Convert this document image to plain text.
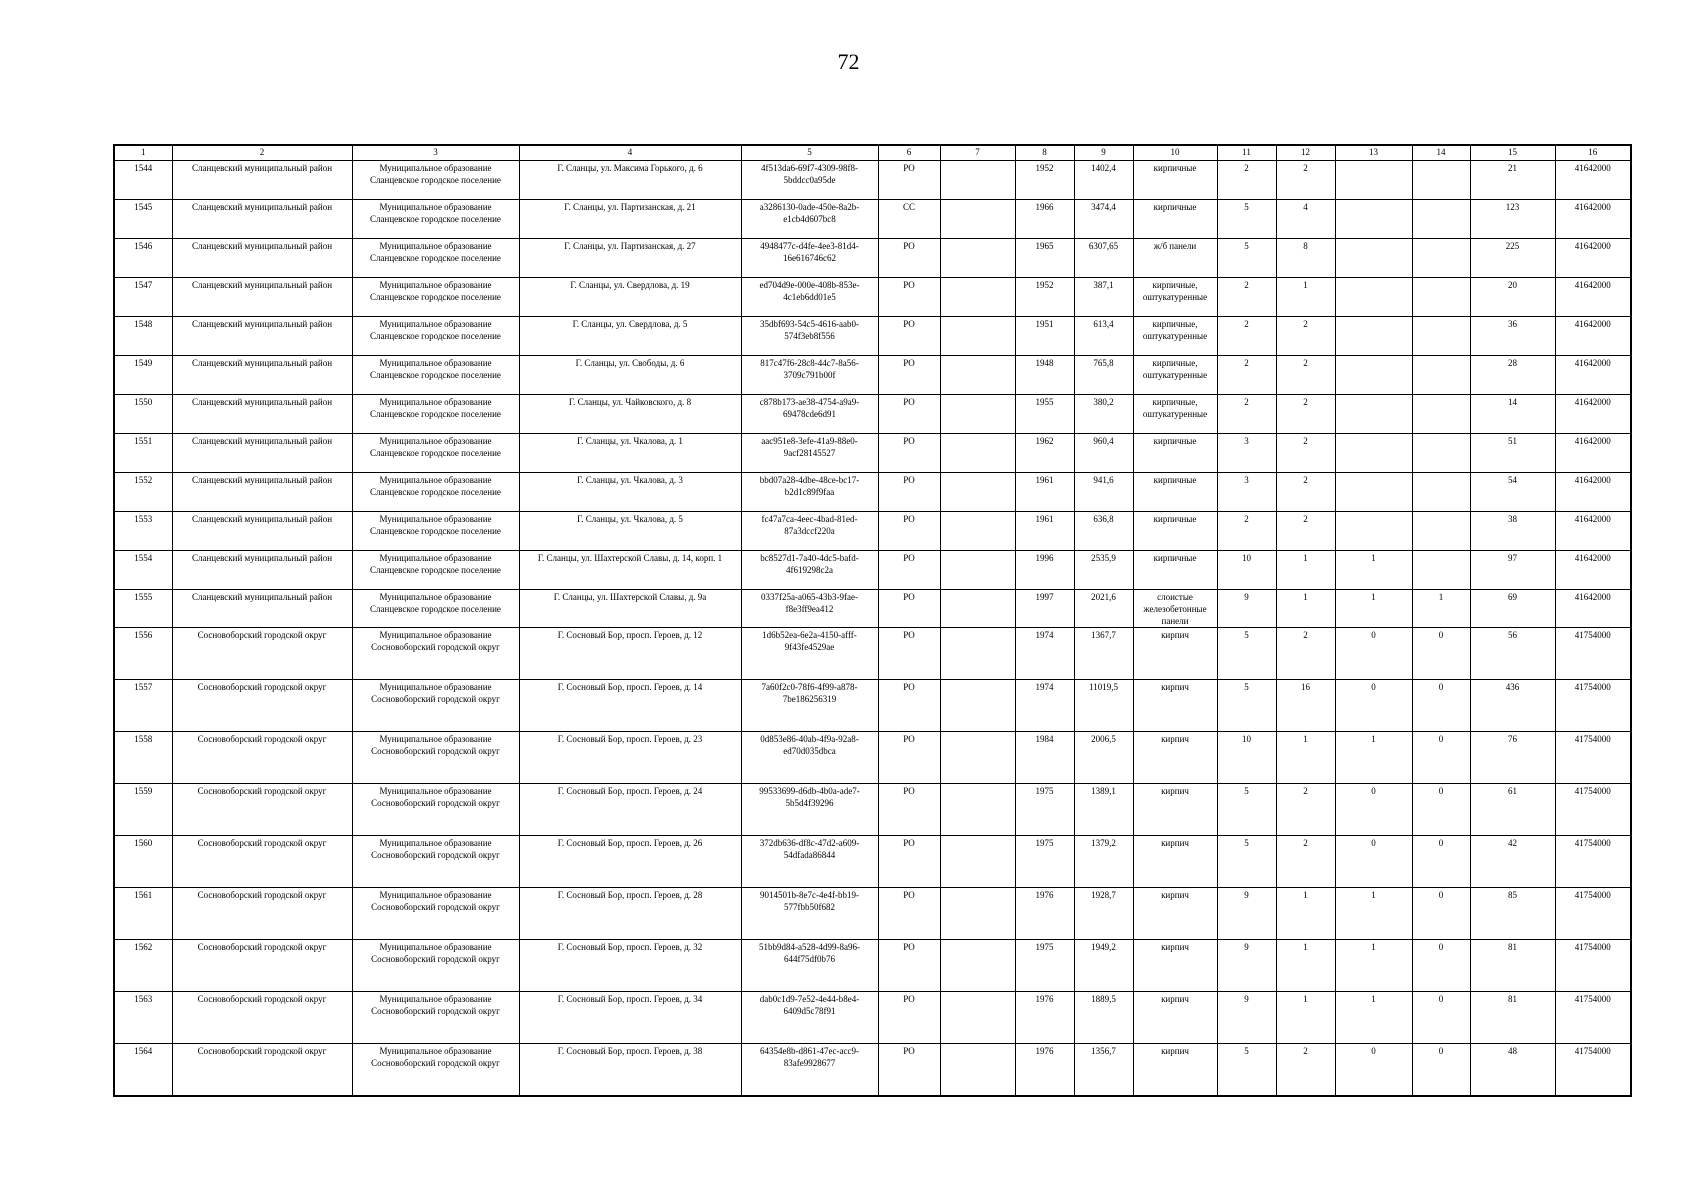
72
1	2	3	4	5	6	7	8	9	10	11	12	13	14	15	16
1544	Сланцевский муниципальный район	Муниципальное образование Сланцевское городское поселение	Г. Сланцы, ул. Максима Горького, д. 6	4f513da6-69f7-4309-98f8-5bddcc0a95de	РО		1952	1402,4	кирпичные	2	2			21	41642000
1545	Сланцевский муниципальный район	Муниципальное образование Сланцевское городское поселение	Г. Сланцы, ул. Партизанская, д. 21	a3286130-0ade-450e-8a2b-e1cb4d607bc8	СС		1966	3474,4	кирпичные	5	4			123	41642000
1546	Сланцевский муниципальный район	Муниципальное образование Сланцевское городское поселение	Г. Сланцы, ул. Партизанская, д. 27	4948477c-d4fe-4ee3-81d4-16e616746c62	РО		1965	6307,65	ж/б панели	5	8			225	41642000
1547	Сланцевский муниципальный район	Муниципальное образование Сланцевское городское поселение	Г. Сланцы, ул. Свердлова, д. 19	ed704d9e-000e-408b-853e-4c1eb6dd01e5	РО		1952	387,1	кирпичные, оштукатуренные	2	1			20	41642000
1548	Сланцевский муниципальный район	Муниципальное образование Сланцевское городское поселение	Г. Сланцы, ул. Свердлова, д. 5	35dbf693-54c5-4616-aab0-574f3eb8f556	РО		1951	613,4	кирпичные, оштукатуренные	2	2			36	41642000
1549	Сланцевский муниципальный район	Муниципальное образование Сланцевское городское поселение	Г. Сланцы, ул. Свободы, д. 6	817c47f6-28c8-44c7-8a56-3709c791b00f	РО		1948	765,8	кирпичные, оштукатуренные	2	2			28	41642000
1550	Сланцевский муниципальный район	Муниципальное образование Сланцевское городское поселение	Г. Сланцы, ул. Чайковского, д. 8	c878b173-ae38-4754-a9a9-69478cde6d91	РО		1955	380,2	кирпичные, оштукатуренные	2	2			14	41642000
1551	Сланцевский муниципальный район	Муниципальное образование Сланцевское городское поселение	Г. Сланцы, ул. Чкалова, д. 1	aac951e8-3efe-41a9-88e0-9acf28145527	РО		1962	960,4	кирпичные	3	2			51	41642000
1552	Сланцевский муниципальный район	Муниципальное образование Сланцевское городское поселение	Г. Сланцы, ул. Чкалова, д. 3	bbd07a28-4dbe-48ce-bc17-b2d1c89f9faa	РО		1961	941,6	кирпичные	3	2			54	41642000
1553	Сланцевский муниципальный район	Муниципальное образование Сланцевское городское поселение	Г. Сланцы, ул. Чкалова, д. 5	fc47a7ca-4eec-4bad-81ed-87a3dccf220a	РО		1961	636,8	кирпичные	2	2			38	41642000
1554	Сланцевский муниципальный район	Муниципальное образование Сланцевское городское поселение	Г. Сланцы, ул. Шахтерской Славы, д. 14, корп. 1	bc8527d1-7a40-4dc5-bafd-4f619298c2a	РО		1996	2535,9	кирпичные	10	1	1		97	41642000
1555	Сланцевский муниципальный район	Муниципальное образование Сланцевское городское поселение	Г. Сланцы, ул. Шахтерской Славы, д. 9а	0337f25a-a065-43b3-9fae-f8e3ff9ea412	РО		1997	2021,6	слоистые железобетонные панели	9	1	1	1	69	41642000
1556	Сосновоборский городской округ	Муниципальное образование Сосновоборский городской округ	Г. Сосновый Бор, просп. Героев, д. 12	1d6b52ea-6e2a-4150-afff-9f43fe4529ae	РО		1974	1367,7	кирпич	5	2	0	0	56	41754000
1557	Сосновоборский городской округ	Муниципальное образование Сосновоборский городской округ	Г. Сосновый Бор, просп. Героев, д. 14	7a60f2c0-78f6-4f99-a878-7be186256319	РО		1974	11019,5	кирпич	5	16	0	0	436	41754000
1558	Сосновоборский городской округ	Муниципальное образование Сосновоборский городской округ	Г. Сосновый Бор, просп. Героев, д. 23	0d853e86-40ab-4f9a-92a8-ed70d035dbca	РО		1984	2006,5	кирпич	10	1	1	0	76	41754000
1559	Сосновоборский городской округ	Муниципальное образование Сосновоборский городской округ	Г. Сосновый Бор, просп. Героев, д. 24	99533699-d6db-4b0a-ade7-5b5d4f39296	РО		1975	1389,1	кирпич	5	2	0	0	61	41754000
1560	Сосновоборский городской округ	Муниципальное образование Сосновоборский городской округ	Г. Сосновый Бор, просп. Героев, д. 26	372db636-df8c-47d2-a609-54dfada86844	РО		1975	1379,2	кирпич	5	2	0	0	42	41754000
1561	Сосновоборский городской округ	Муниципальное образование Сосновоборский городской округ	Г. Сосновый Бор, просп. Героев, д. 28	9014501b-8e7c-4e4f-bb19-577fbb50f682	РО		1976	1928,7	кирпич	9	1	1	0	85	41754000
1562	Сосновоборский городской округ	Муниципальное образование Сосновоборский городской округ	Г. Сосновый Бор, просп. Героев, д. 32	51bb9d84-a528-4d99-8a96-644f75df0b76	РО		1975	1949,2	кирпич	9	1	1	0	81	41754000
1563	Сосновоборский городской округ	Муниципальное образование Сосновоборский городской округ	Г. Сосновый Бор, просп. Героев, д. 34	dab0c1d9-7e52-4e44-b8e4-6409d5c78f91	РО		1976	1889,5	кирпич	9	1	1	0	81	41754000
1564	Сосновоборский городской округ	Муниципальное образование Сосновоборский городской округ	Г. Сосновый Бор, просп. Героев, д. 38	64354e8b-d861-47ec-acc9-83afe9928677	РО		1976	1356,7	кирпич	5	2	0	0	48	41754000
